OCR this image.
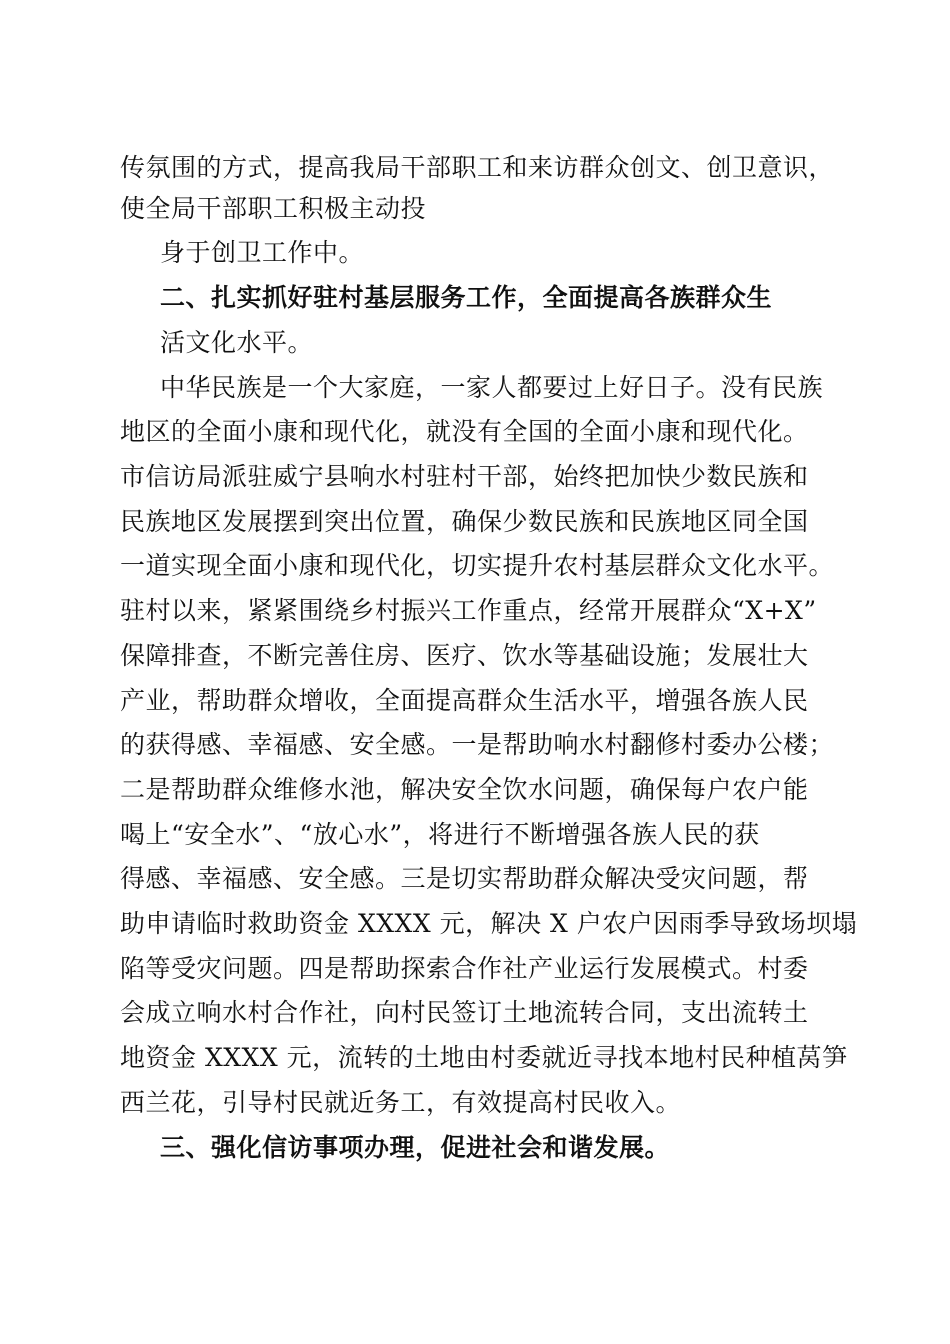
传氛围的方式，提高我局干部职工和来访群众创文、创卫意识，
使全局干部职工积极主动投
身于创卫工作中。
二、扎实抓好驻村基层服务工作，全面提高各族群众生
活文化水平。
中华民族是一个大家庭，一家人都要过上好日子。没有民族
地区的全面小康和现代化，就没有全国的全面小康和现代化。
市信访局派驻威宁县响水村驻村干部，始终把加快少数民族和
民族地区发展摆到突出位置，确保少数民族和民族地区同全国
一道实现全面小康和现代化，切实提升农村基层群众文化水平。
驻村以来，紧紧围绕乡村振兴工作重点，经常开展群众“X+X”
保障排查，不断完善住房、医疗、饮水等基础设施；发展壮大
产业，帮助群众增收，全面提高群众生活水平，增强各族人民
的获得感、幸福感、安全感。一是帮助响水村翻修村委办公楼；
二是帮助群众维修水池，解决安全饮水问题，确保每户农户能
喝上“安全水”、“放心水”，将进行不断增强各族人民的获
得感、幸福感、安全感。三是切实帮助群众解决受灾问题，帮
助申请临时救助资金 XXXX 元，解决 X 户农户因雨季导致场坝塌
陷等受灾问题。四是帮助探索合作社产业运行发展模式。村委
会成立响水村合作社，向村民签订土地流转合同，支出流转土
地资金 XXXX 元，流转的土地由村委就近寻找本地村民种植莴笋
西兰花，引导村民就近务工，有效提高村民收入。
三、强化信访事项办理，促进社会和谐发展。
